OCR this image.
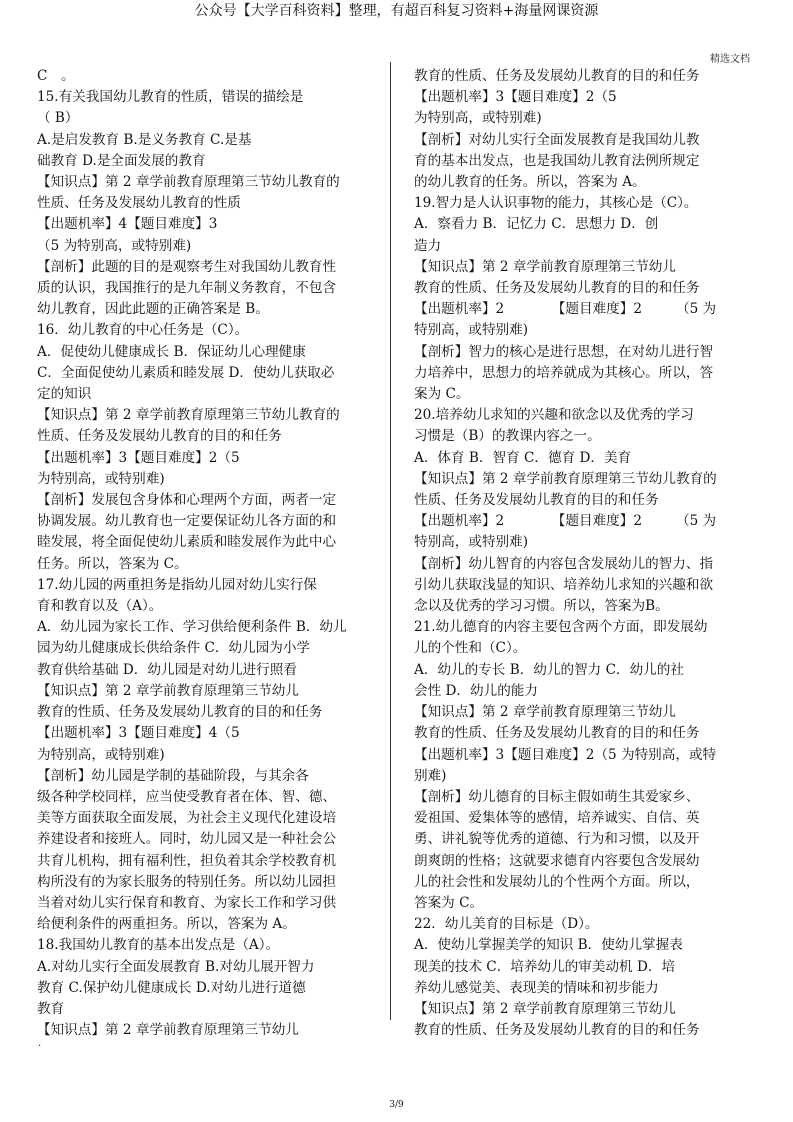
公众号【大学百科资料】整理，有超百科复习资料+海量网课资源
精选文档

C　。

15.有关我国幼儿教育的性质，错误的描绘是

（ B）

A.是启发教育 B.是义务教育 C.是基

础教育 D.是全面发展的教育

【知识点】第 2 章学前教育原理第三节幼儿教育的

性质、任务及发展幼儿教育的性质

【出题机率】4【题目难度】3

（5 为特别高，或特别难)

【剖析】此题的目的是观察考生对我国幼儿教育性

质的认识，我国推行的是九年制义务教育，不包含

幼儿教育，因此此题的正确答案是 B。

16．幼儿教育的中心任务是（C）。

A．促使幼儿健康成长 B．保证幼儿心理健康

C．全面促使幼儿素质和睦发展 D．使幼儿获取必

定的知识

【知识点】第 2 章学前教育原理第三节幼儿教育的

性质、任务及发展幼儿教育的目的和任务

【出题机率】3【题目难度】2（5

为特别高，或特别难)

【剖析】发展包含身体和心理两个方面，两者一定

协调发展。幼儿教育也一定要保证幼儿各方面的和

睦发展，将全面促使幼儿素质和睦发展作为此中心

任务。所以，答案为 C。

17.幼儿园的两重担务是指幼儿园对幼儿实行保

育和教育以及（A）。

A．幼儿园为家长工作、学习供给便利条件 B．幼儿

园为幼儿健康成长供给条件 C．幼儿园为小学

教育供给基础 D．幼儿园是对幼儿进行照看

【知识点】第 2 章学前教育原理第三节幼儿

教育的性质、任务及发展幼儿教育的目的和任务

【出题机率】3【题目难度】4（5

为特别高，或特别难)

【剖析】幼儿园是学制的基础阶段，与其余各

级各种学校同样，应当使受教育者在体、智、德、

美等方面获取全面发展，为社会主义现代化建设培

养建设者和接班人。同时，幼儿园又是一种社会公

共育儿机构，拥有福利性，担负着其余学校教育机

构所没有的为家长服务的特别任务。所以幼儿园担

当着对幼儿实行保育和教育、为家长工作和学习供

给便利条件的两重担务。所以，答案为 A。

18.我国幼儿教育的基本出发点是（A）。

A.对幼儿实行全面发展教育 B.对幼儿展开智力

教育 C.保护幼儿健康成长 D.对幼儿进行道德

教育

【知识点】第 2 章学前教育原理第三节幼儿

教育的性质、任务及发展幼儿教育的目的和任务

【出题机率】3【题目难度】2（5

为特别高，或特别难)

【剖析】对幼儿实行全面发展教育是我国幼儿教

育的基本出发点，也是我国幼儿教育法例所规定

的幼儿教育的任务。所以，答案为 A。

19.智力是人认识事物的能力，其核心是（C）。

A．察看力 B．记忆力 C．思想力 D．创

造力

【知识点】第 2 章学前教育原理第三节幼儿

教育的性质、任务及发展幼儿教育的目的和任务

【出题机率】2　　　　【题目难度】2　　　（5 为

特别高，或特别难)

【剖析】智力的核心是进行思想，在对幼儿进行智

力培养中，思想力的培养就成为其核心。所以，答

案为 C。

20.培养幼儿求知的兴趣和欲念以及优秀的学习

习惯是（B）的教课内容之一。

A．体育 B．智育 C．德育 D．美育

【知识点】第 2 章学前教育原理第三节幼儿教育的

性质、任务及发展幼儿教育的目的和任务

【出题机率】2　　　　【题目难度】2　　　（5 为

特别高，或特别难)

【剖析】幼儿智育的内容包含发展幼儿的智力、指

引幼儿获取浅显的知识、培养幼儿求知的兴趣和欲

念以及优秀的学习习惯。所以，答案为B。

21.幼儿德育的内容主要包含两个方面，即发展幼

儿的个性和（C）。

A．幼儿的专长 B．幼儿的智力 C．幼儿的社

会性 D．幼儿的能力

【知识点】第 2 章学前教育原理第三节幼儿

教育的性质、任务及发展幼儿教育的目的和任务

【出题机率】3【题目难度】2（5 为特别高，或特

别难)

【剖析】幼儿德育的目标主假如萌生其爱家乡、

爱祖国、爱集体等的感情，培养诚实、自信、英

勇、讲礼貌等优秀的道德、行为和习惯，以及开

朗爽朗的性格；这就要求德育内容要包含发展幼

儿的社会性和发展幼儿的个性两个方面。所以，

答案为 C。

22．幼儿美育的目标是（D）。

A．使幼儿掌握美学的知识 B．使幼儿掌握表

现美的技术 C．培养幼儿的审美动机 D．培

养幼儿感觉美、表现美的情味和初步能力

【知识点】第 2 章学前教育原理第三节幼儿

教育的性质、任务及发展幼儿教育的目的和任务

.
3/9
